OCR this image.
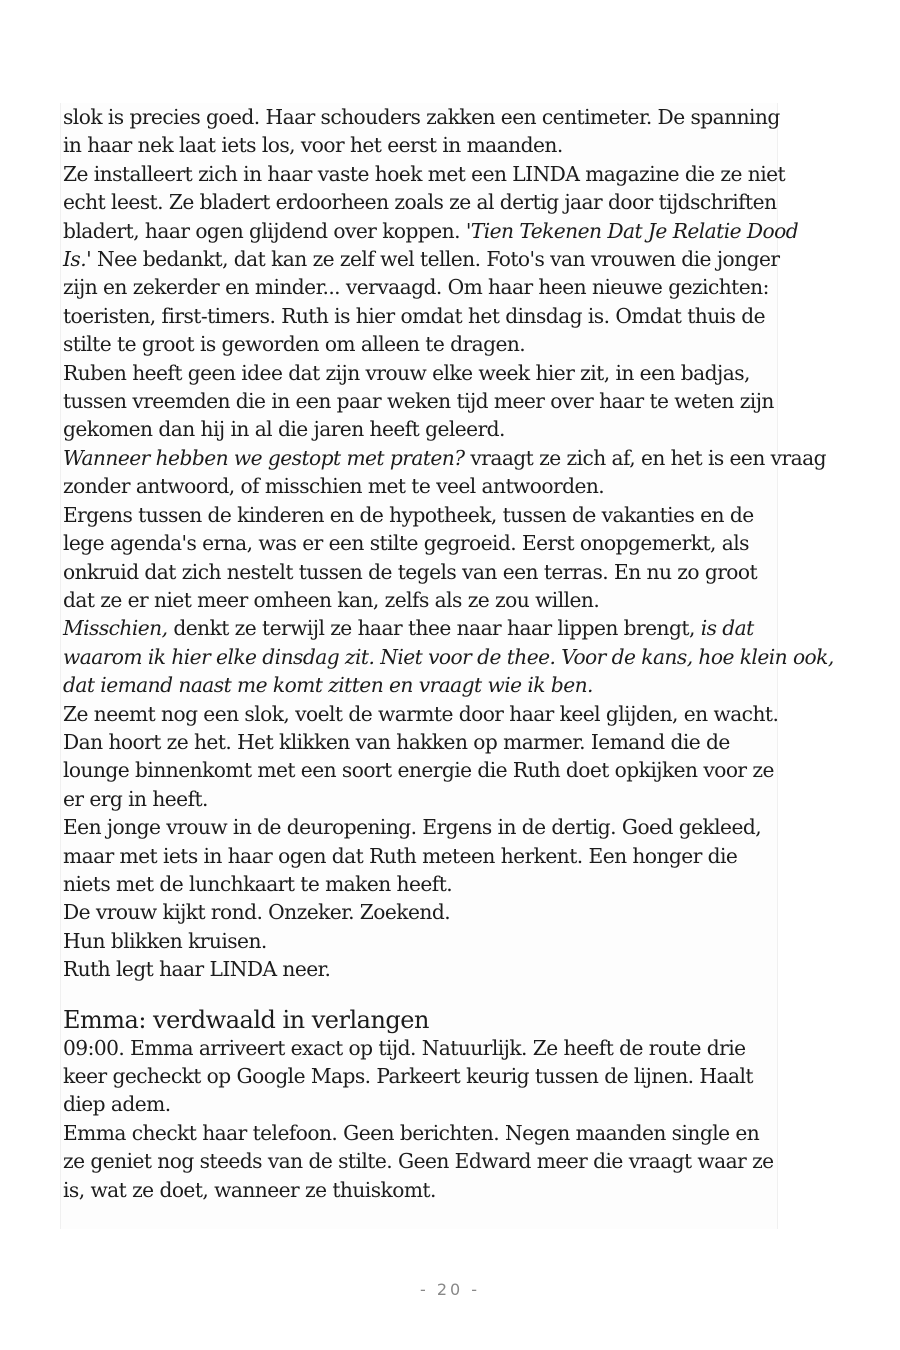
slok is precies goed. Haar schouders zakken een centimeter. De spanning
in haar nek laat iets los, voor het eerst in maanden.

Ze installeert zich in haar vaste hoek met een LINDA magazine die ze niet
echt leest. Ze bladert erdoorheen zoals ze al dertig jaar door tijdschriften
bladert, haar ogen glijdend over koppen. 'Tien Tekenen Dat Je Relatie Dood
Is.' Nee bedankt, dat kan ze zelf wel tellen. Foto's van vrouwen die jonger
zijn en zekerder en minder... vervaagd. Om haar heen nieuwe gezichten:
toeristen, first-timers. Ruth is hier omdat het dinsdag is. Omdat thuis de
stilte te groot is geworden om alleen te dragen.

Ruben heeft geen idee dat zijn vrouw elke week hier zit, in een badjas,
tussen vreemden die in een paar weken tijd meer over haar te weten zijn
gekomen dan hij in al die jaren heeft geleerd.

Wanneer hebben we gestopt met praten? vraagt ze zich af, en het is een vraag
zonder antwoord, of misschien met te veel antwoorden.

Ergens tussen de kinderen en de hypotheek, tussen de vakanties en de
lege agenda's erna, was er een stilte gegroeid. Eerst onopgemerkt, als
onkruid dat zich nestelt tussen de tegels van een terras. En nu zo groot
dat ze er niet meer omheen kan, zelfs als ze zou willen.

Misschien, denkt ze terwijl ze haar thee naar haar lippen brengt, is dat
waarom ik hier elke dinsdag zit. Niet voor de thee. Voor de kans, hoe klein ook,
dat iemand naast me komt zitten en vraagt wie ik ben.

Ze neemt nog een slok, voelt de warmte door haar keel glijden, en wacht.
Dan hoort ze het. Het klikken van hakken op marmer. Iemand die de
lounge binnenkomt met een soort energie die Ruth doet opkijken voor ze
er erg in heeft.

Een jonge vrouw in de deuropening. Ergens in de dertig. Goed gekleed,
maar met iets in haar ogen dat Ruth meteen herkent. Een honger die
niets met de lunchkaart te maken heeft.

De vrouw kijkt rond. Onzeker. Zoekend.

Hun blikken kruisen.

Ruth legt haar LINDA neer.

Emma: verdwaald in verlangen

09:00. Emma arriveert exact op tijd. Natuurlijk. Ze heeft de route drie
keer gecheckt op Google Maps. Parkeert keurig tussen de lijnen. Haalt
diep adem.

Emma checkt haar telefoon. Geen berichten. Negen maanden single en
ze geniet nog steeds van de stilte. Geen Edward meer die vraagt waar ze
is, wat ze doet, wanneer ze thuiskomt.

- 20 -
